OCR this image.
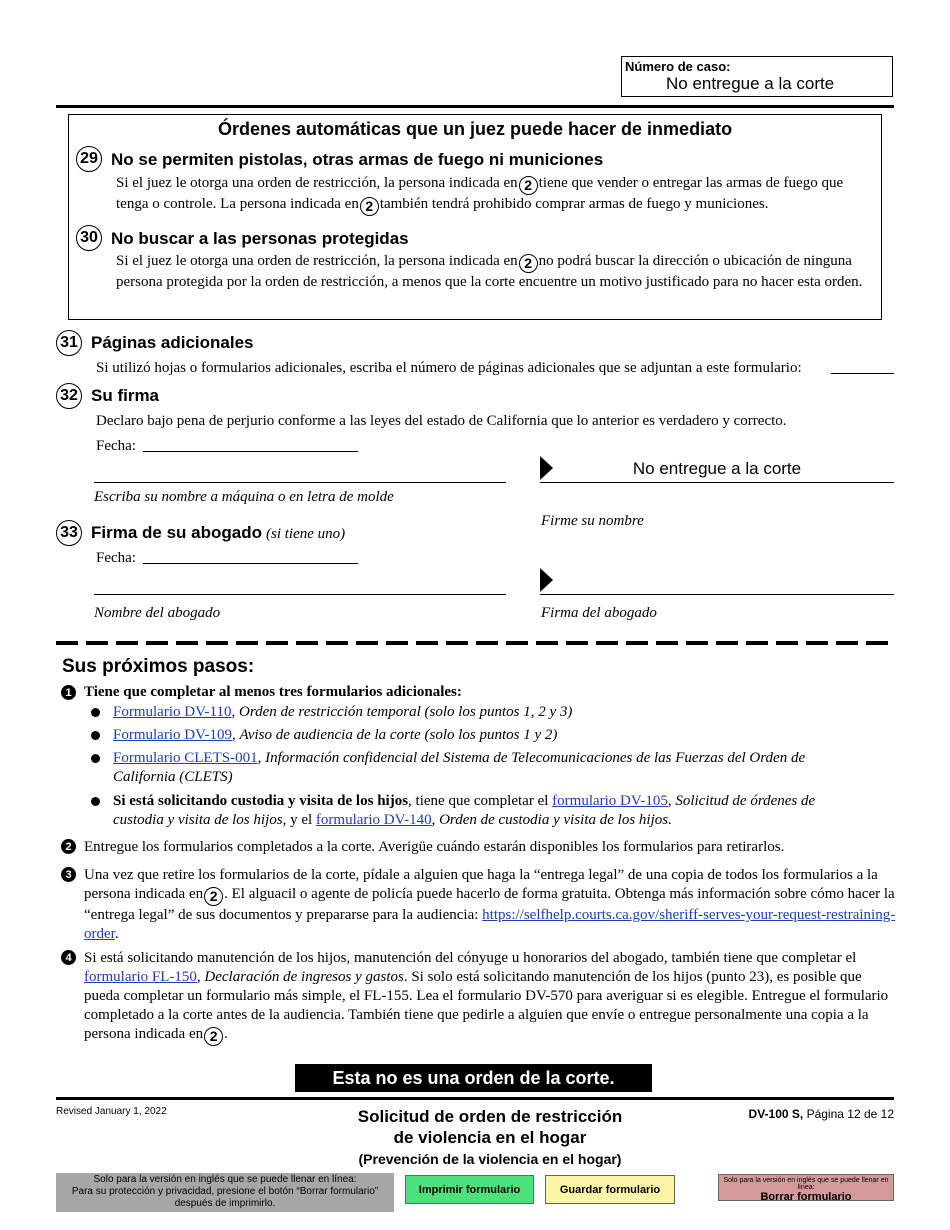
Número de caso:
No entregue a la corte
Órdenes automáticas que un juez puede hacer de inmediato
29 No se permiten pistolas, otras armas de fuego ni municiones
Si el juez le otorga una orden de restricción, la persona indicada en 2 tiene que vender o entregar las armas de fuego que tenga o controle. La persona indicada en 2 también tendrá prohibido comprar armas de fuego y municiones.
30 No buscar a las personas protegidas
Si el juez le otorga una orden de restricción, la persona indicada en 2 no podrá buscar la dirección o ubicación de ninguna persona protegida por la orden de restricción, a menos que la corte encuentre un motivo justificado para no hacer esta orden.
31 Páginas adicionales
Si utilizó hojas o formularios adicionales, escriba el número de páginas adicionales que se adjuntan a este formulario:
32 Su firma
Declaro bajo pena de perjurio conforme a las leyes del estado de California que lo anterior es verdadero y correcto.
Fecha:
Escriba su nombre a máquina o en letra de molde
No entregue a la corte
Firme su nombre
33 Firma de su abogado (si tiene uno)
Fecha:
Nombre del abogado	Firma del abogado
Sus próximos pasos:
1 Tiene que completar al menos tres formularios adicionales:
Formulario DV-110, Orden de restricción temporal (solo los puntos 1, 2 y 3)
Formulario DV-109, Aviso de audiencia de la corte (solo los puntos 1 y 2)
Formulario CLETS-001, Información confidencial del Sistema de Telecomunicaciones de las Fuerzas del Orden de California (CLETS)
Si está solicitando custodia y visita de los hijos, tiene que completar el formulario DV-105, Solicitud de órdenes de custodia y visita de los hijos, y el formulario DV-140, Orden de custodia y visita de los hijos.
2 Entregue los formularios completados a la corte. Averigüe cuándo estarán disponibles los formularios para retirarlos.
3 Una vez que retire los formularios de la corte, pídale a alguien que haga la “entrega legal” de una copia de todos los formularios a la persona indicada en 2 . El alguacil o agente de policía puede hacerlo de forma gratuita. Obtenga más información sobre cómo hacer la “entrega legal” de sus documentos y prepararse para la audiencia: https://selfhelp.courts.ca.gov/sheriff-serves-your-request-restraining-order.
4 Si está solicitando manutención de los hijos, manutención del cónyuge u honorarios del abogado, también tiene que completar el formulario FL-150, Declaración de ingresos y gastos. Si solo está solicitando manutención de los hijos (punto 23), es posible que pueda completar un formulario más simple, el FL-155. Lea el formulario DV-570 para averiguar si es elegible. Entregue el formulario completado a la corte antes de la audiencia. También tiene que pedirle a alguien que envíe o entregue personalmente una copia a la persona indicada en 2 .
Esta no es una orden de la corte.
Revised January 1, 2022	Solicitud de orden de restricción
de violencia en el hogar
(Prevención de la violencia en el hogar)
DV-100 S, Página 12 de 12
Solo para la versión en inglés que se puede llenar en línea:
Para su protección y privacidad, presione el botón “Borrar formulario”
después de imprimirlo.
Imprimir formulario	Guardar formulario
Solo para la versión en inglés que se puede llenar en línea:
Borrar formulario
